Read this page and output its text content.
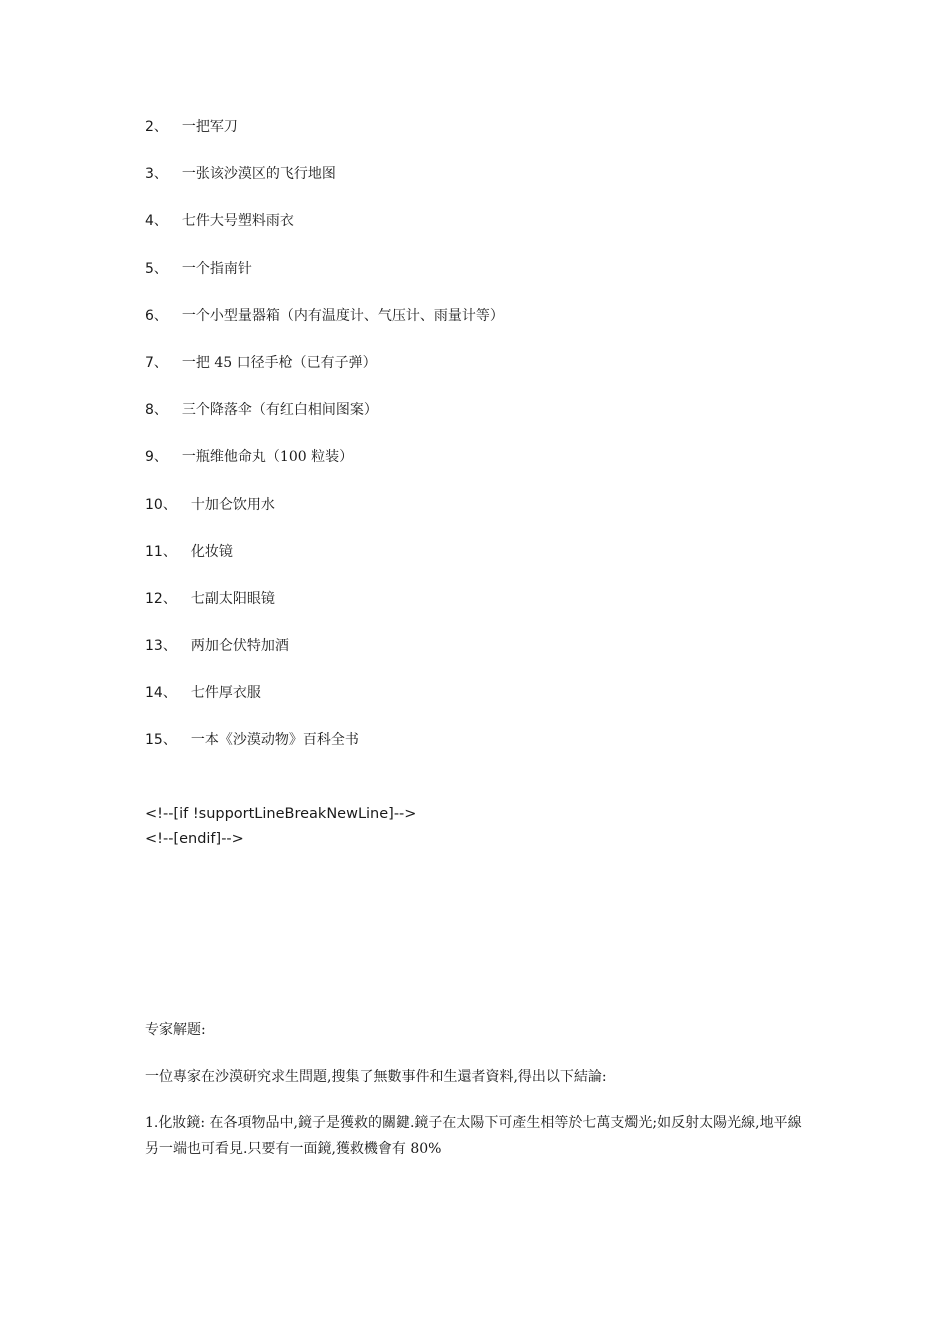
2、 一把军刀
3、 一张该沙漠区的飞行地图
4、 七件大号塑料雨衣
5、 一个指南针
6、 一个小型量器箱（内有温度计、气压计、雨量计等）
7、 一把 45 口径手枪（已有子弹）
8、 三个降落伞（有红白相间图案）
9、 一瓶维他命丸（100 粒装）
10、 十加仑饮用水
11、 化妆镜
12、 七副太阳眼镜
13、 两加仑伏特加酒
14、 七件厚衣服
15、 一本《沙漠动物》百科全书
<!--[if !supportLineBreakNewLine]-->
<!--[endif]-->
专家解题:
一位專家在沙漠研究求生問題,搜集了無數事件和生還者資料,得出以下結論:
1.化妝鏡: 在各項物品中,鏡子是獲救的關鍵.鏡子在太陽下可產生相等於七萬支燭光;如反射太陽光線,地平線另一端也可看見.只要有一面鏡,獲救機會有 80%
